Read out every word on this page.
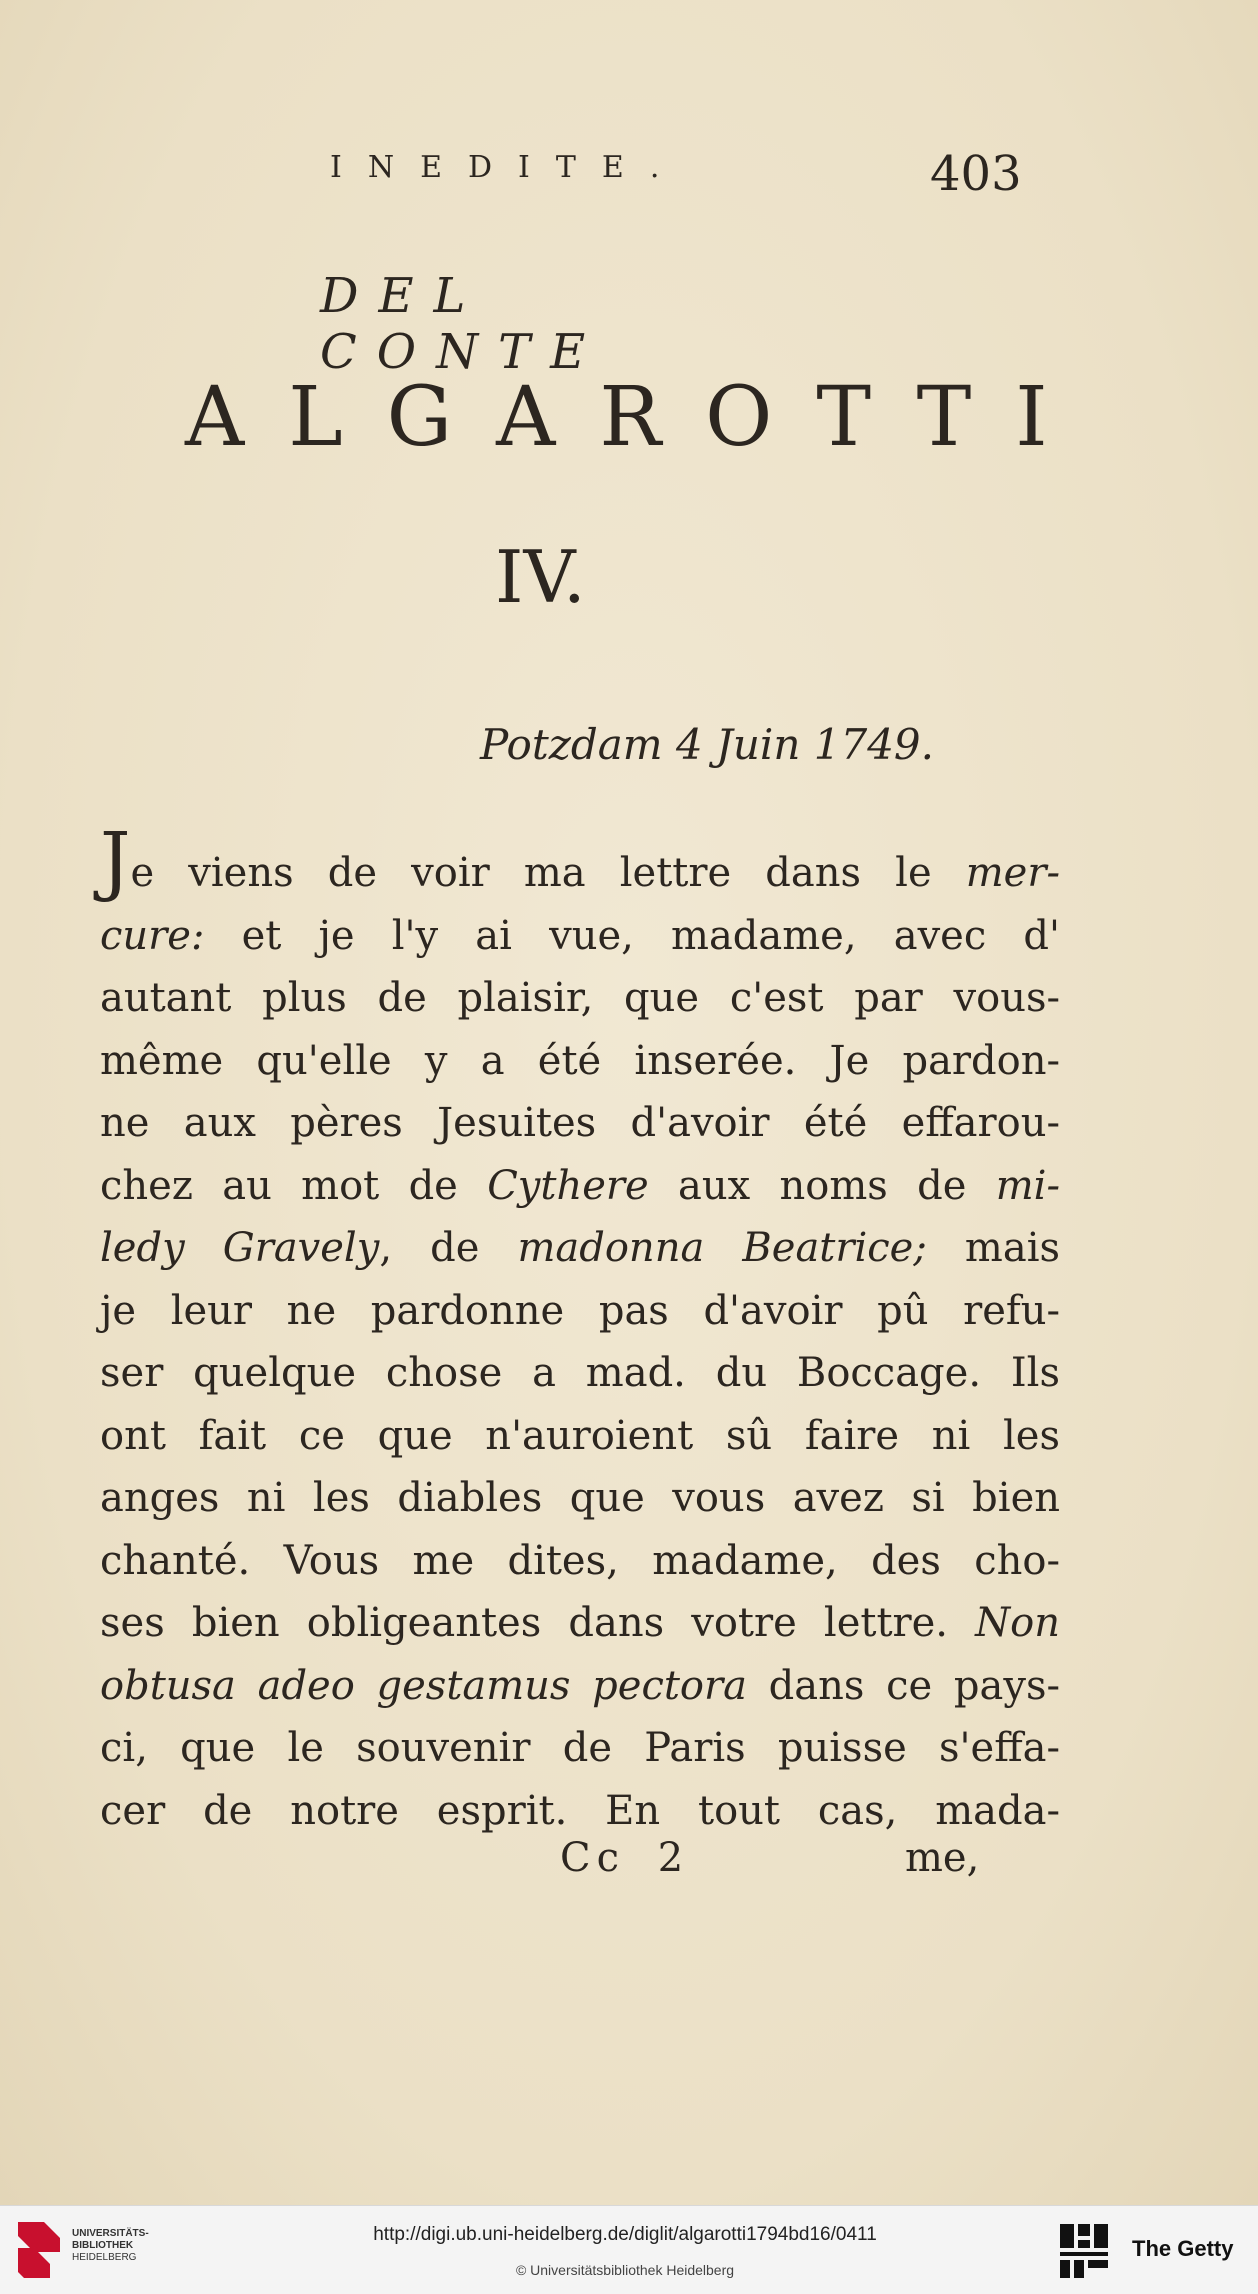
INEDITE.	403
DEL CONTE
ALGAROTTI
IV.
Potzdam 4 Juin 1749.
Je viens de voir ma lettre dans le mer-
cure: et je l'y ai vue, madame, avec d'
autant plus de plaisir, que c'est par vous-
même qu'elle y a été inserée. Je pardon-
ne aux pères Jesuites d'avoir été effarou-
chez au mot de Cythere aux noms de mi-
ledy Gravely, de madonna Beatrice; mais
je leur ne pardonne pas d'avoir pû refu-
ser quelque chose a mad. du Boccage. Ils
ont fait ce que n'auroient sû faire ni les
anges ni les diables que vous avez si bien
chanté. Vous me dites, madame, des cho-
ses bien obligeantes dans votre lettre. Non
obtusa adeo gestamus pectora dans ce pays-
ci, que le souvenir de Paris puisse s'effa-
cer de notre esprit. En tout cas, mada-
Cc 2	me,
UNIVERSITÄTS-
BIBLIOTHEK
HEIDELBERG
http://digi.ub.uni-heidelberg.de/diglit/algarotti1794bd16/0411
© Universitätsbibliothek Heidelberg
The Getty
